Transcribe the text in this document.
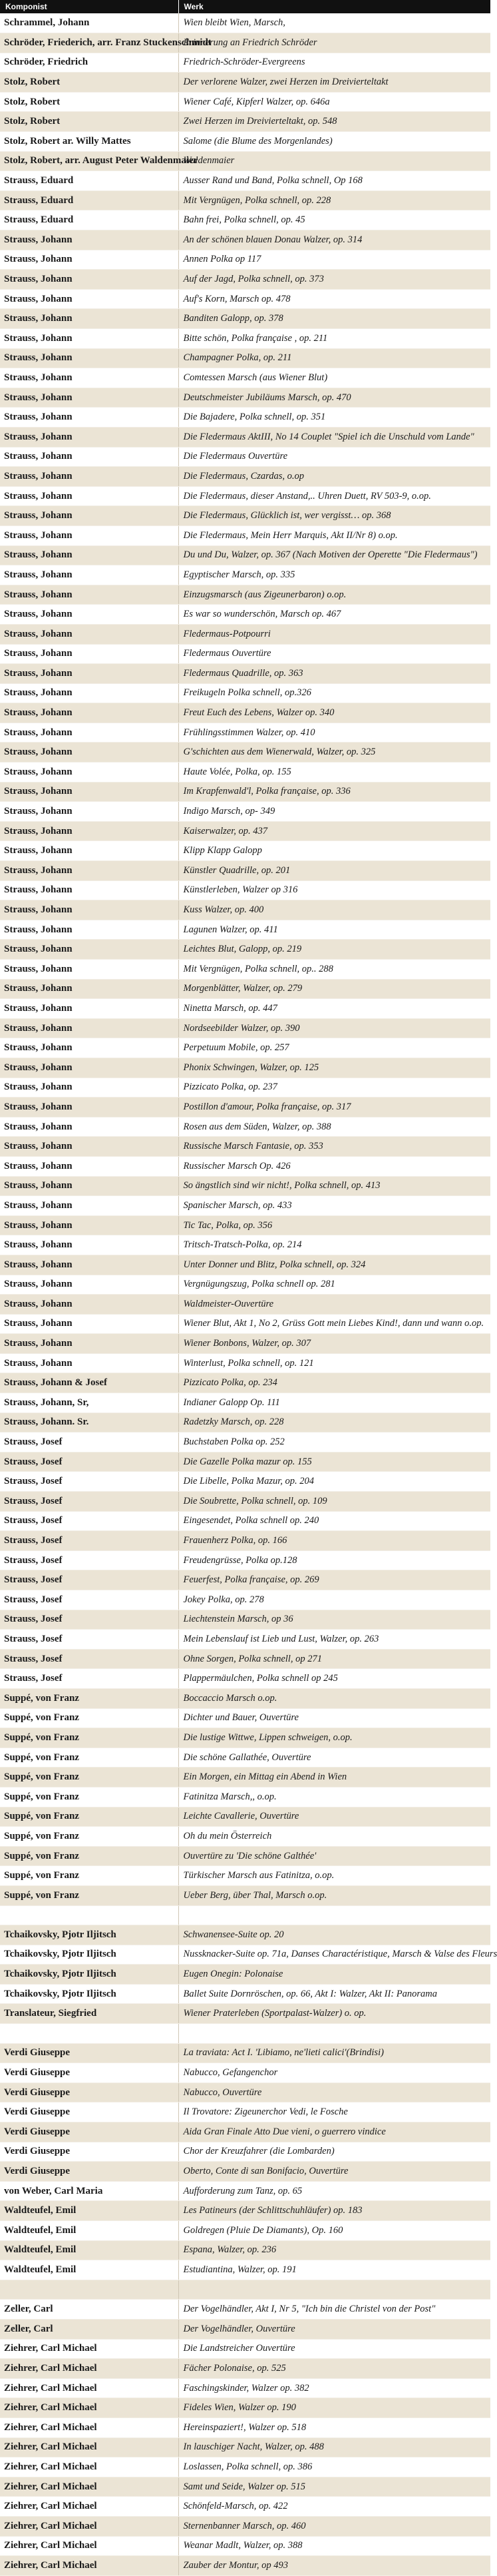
Komponist	Werk
Schrammel, Johann	Wien bleibt Wien, Marsch,
Schröder, Friederich, arr. Franz Stuckenschmidt	Erinnerung an Friedrich Schröder
Schröder, Friedrich	Friedrich-Schröder-Evergreens
Stolz, Robert	Der verlorene Walzer, zwei Herzen im Dreivierteltakt
Stolz, Robert	Wiener Café, Kipferl Walzer, op. 646a
Stolz, Robert	Zwei Herzen im Dreivierteltakt, op. 548
Stolz, Robert ar. Willy Mattes	Salome (die Blume des Morgenlandes)
Stolz, Robert, arr. August Peter Waldenmaier	Waldenmaier
Strauss, Eduard	Ausser Rand und Band, Polka schnell, Op 168
Strauss, Eduard	Mit Vergnügen, Polka schnell, op. 228
Strauss, Eduard	Bahn frei, Polka schnell, op. 45
Strauss, Johann	An der schönen blauen Donau Walzer, op. 314
Strauss, Johann	Annen Polka op 117
Strauss, Johann	Auf der Jagd, Polka schnell, op. 373
Strauss, Johann	Auf's Korn, Marsch op. 478
Strauss, Johann	Banditen Galopp, op. 378
Strauss, Johann	Bitte schön, Polka française , op. 211
Strauss, Johann	Champagner Polka, op. 211
Strauss, Johann	Comtessen Marsch (aus Wiener Blut)
Strauss, Johann	Deutschmeister Jubiläums Marsch, op. 470
Strauss, Johann	Die Bajadere, Polka schnell, op. 351
Strauss, Johann	Die Fledermaus AktIII, No 14 Couplet "Spiel ich die Unschuld vom Lande"
Strauss, Johann	Die Fledermaus Ouvertüre
Strauss, Johann	Die Fledermaus, Czardas, o.op
Strauss, Johann	Die Fledermaus, dieser Anstand,.. Uhren Duett, RV 503-9, o.op.
Strauss, Johann	Die Fledermaus, Glücklich ist, wer vergisst… op. 368
Strauss, Johann	Die Fledermaus, Mein Herr Marquis, Akt II/Nr 8) o.op.
Strauss, Johann	Du und Du, Walzer, op. 367 (Nach Motiven der Operette "Die Fledermaus")
Strauss, Johann	Egyptischer Marsch, op. 335
Strauss, Johann	Einzugsmarsch (aus Zigeunerbaron) o.op.
Strauss, Johann	Es war so wunderschön, Marsch op. 467
Strauss, Johann	Fledermaus-Potpourri
Strauss, Johann	Fledermaus Ouvertüre
Strauss, Johann	Fledermaus Quadrille, op. 363
Strauss, Johann	Freikugeln Polka schnell, op.326
Strauss, Johann	Freut Euch des Lebens, Walzer op. 340
Strauss, Johann	Frühlingsstimmen Walzer, op. 410
Strauss, Johann	G'schichten aus dem Wienerwald, Walzer, op. 325
Strauss, Johann	Haute Volée, Polka, op. 155
Strauss, Johann	Im Krapfenwald'l, Polka française, op. 336
Strauss, Johann	Indigo Marsch, op- 349
Strauss, Johann	Kaiserwalzer, op. 437
Strauss, Johann	Klipp Klapp Galopp
Strauss, Johann	Künstler Quadrille, op. 201
Strauss, Johann	Künstlerleben, Walzer op 316
Strauss, Johann	Kuss Walzer, op. 400
Strauss, Johann	Lagunen Walzer, op. 411
Strauss, Johann	Leichtes Blut, Galopp, op. 219
Strauss, Johann	Mit Vergnügen, Polka schnell, op.. 288
Strauss, Johann	Morgenblätter, Walzer, op. 279
Strauss, Johann	Ninetta Marsch, op. 447
Strauss, Johann	Nordseebilder Walzer, op. 390
Strauss, Johann	Perpetuum Mobile, op. 257
Strauss, Johann	Phonix Schwingen, Walzer, op. 125
Strauss, Johann	Pizzicato Polka, op. 237
Strauss, Johann	Postillon d'amour, Polka française, op. 317
Strauss, Johann	Rosen aus dem Süden, Walzer, op. 388
Strauss, Johann	Russische Marsch Fantasie, op. 353
Strauss, Johann	Russischer Marsch Op. 426
Strauss, Johann	So ängstlich sind wir nicht!, Polka schnell, op. 413
Strauss, Johann	Spanischer Marsch, op. 433
Strauss, Johann	Tic Tac, Polka, op. 356
Strauss, Johann	Tritsch-Tratsch-Polka, op. 214
Strauss, Johann	Unter Donner und Blitz, Polka schnell, op. 324
Strauss, Johann	Vergnügungszug, Polka schnell op. 281
Strauss, Johann	Waldmeister-Ouvertüre
Strauss, Johann	Wiener Blut, Akt 1, No 2, Grüss Gott mein Liebes Kind!, dann und wann o.op.
Strauss, Johann	Wiener Bonbons, Walzer, op. 307
Strauss, Johann	Winterlust, Polka schnell, op. 121
Strauss, Johann & Josef	Pizzicato Polka, op. 234
Strauss, Johann, Sr,	Indianer Galopp Op. 111
Strauss, Johann. Sr.	Radetzky Marsch, op. 228
Strauss, Josef	Buchstaben Polka op. 252
Strauss, Josef	Die Gazelle Polka mazur op. 155
Strauss, Josef	Die Libelle, Polka Mazur, op. 204
Strauss, Josef	Die Soubrette, Polka schnell, op. 109
Strauss, Josef	Eingesendet, Polka schnell op. 240
Strauss, Josef	Frauenherz Polka, op. 166
Strauss, Josef	Freudengrüsse, Polka op.128
Strauss, Josef	Feuerfest, Polka française, op. 269
Strauss, Josef	Jokey Polka, op. 278
Strauss, Josef	Liechtenstein Marsch, op 36
Strauss, Josef	Mein Lebenslauf ist Lieb und Lust, Walzer, op. 263
Strauss, Josef	Ohne Sorgen, Polka schnell, op 271
Strauss, Josef	Plappermäulchen, Polka schnell op 245
Suppé, von Franz	Boccaccio Marsch o.op.
Suppé, von Franz	Dichter und Bauer, Ouvertüre
Suppé, von Franz	Die lustige Wittwe, Lippen schweigen, o.op.
Suppé, von Franz	Die schöne Gallathée, Ouvertüre
Suppé, von Franz	Ein Morgen, ein Mittag ein Abend in Wien
Suppé, von Franz	Fatinitza Marsch,, o.op.
Suppé, von Franz	Leichte Cavallerie, Ouvertüre
Suppé, von Franz	Oh du mein Österreich
Suppé, von Franz	Ouvertüre zu 'Die schöne Galthée'
Suppé, von Franz	Türkischer Marsch aus Fatinitza, o.op.
Suppé, von Franz	Ueber Berg, über Thal, Marsch o.op.

Tchaikovsky, Pjotr Iljitsch	Schwanensee-Suite op. 20
Tchaikovsky, Pjotr Iljitsch	Nussknacker-Suite op. 71a, Danses Charactéristique, Marsch & Valse des Fleurs
Tchaikovsky, Pjotr Iljitsch	Eugen Onegin: Polonaise
Tchaikovsky, Pjotr Iljitsch	Ballet Suite Dornröschen, op. 66, Akt I: Walzer, Akt II: Panorama
Translateur, Siegfried	Wiener Praterleben (Sportpalast-Walzer) o. op.

Verdi Giuseppe	La traviata: Act I. 'Libiamo, ne'lieti calici'(Brindisi)
Verdi Giuseppe	Nabucco, Gefangenchor
Verdi Giuseppe	Nabucco, Ouvertüre
Verdi Giuseppe	Il Trovatore: Zigeunerchor Vedi, le Fosche
Verdi Giuseppe	Aida Gran Finale Atto Due vieni, o guerrero vindice
Verdi Giuseppe	Chor der Kreuzfahrer (die Lombarden)
Verdi Giuseppe	Oberto, Conte di san Bonifacio, Ouvertüre
von Weber, Carl Maria	Aufforderung zum Tanz, op. 65
Waldteufel, Emil	Les Patineurs (der Schlittschuhläufer) op. 183
Waldteufel, Emil	Goldregen (Pluie De Diamants), Op. 160
Waldteufel, Emil	Espana, Walzer, op. 236
Waldteufel, Emil	Estudiantina, Walzer, op. 191

Zeller, Carl	Der Vogelhändler, Akt I, Nr 5, "Ich bin die Christel von der Post"
Zeller, Carl	Der Vogelhändler, Ouvertüre
Ziehrer, Carl Michael	Die Landstreicher Ouvertüre
Ziehrer, Carl Michael	Fächer Polonaise, op. 525
Ziehrer, Carl Michael	Faschingskinder, Walzer op. 382
Ziehrer, Carl Michael	Fideles Wien, Walzer op. 190
Ziehrer, Carl Michael	Hereinspaziert!, Walzer op. 518
Ziehrer, Carl Michael	In lauschiger Nacht, Walzer, op. 488
Ziehrer, Carl Michael	Loslassen, Polka schnell, op. 386
Ziehrer, Carl Michael	Samt und Seide, Walzer op. 515
Ziehrer, Carl Michael	Schönfeld-Marsch, op. 422
Ziehrer, Carl Michael	Sternenbanner Marsch, op. 460
Ziehrer, Carl Michael	Weanar Madlt, Walzer, op. 388
Ziehrer, Carl Michael	Zauber der Montur, op 493
